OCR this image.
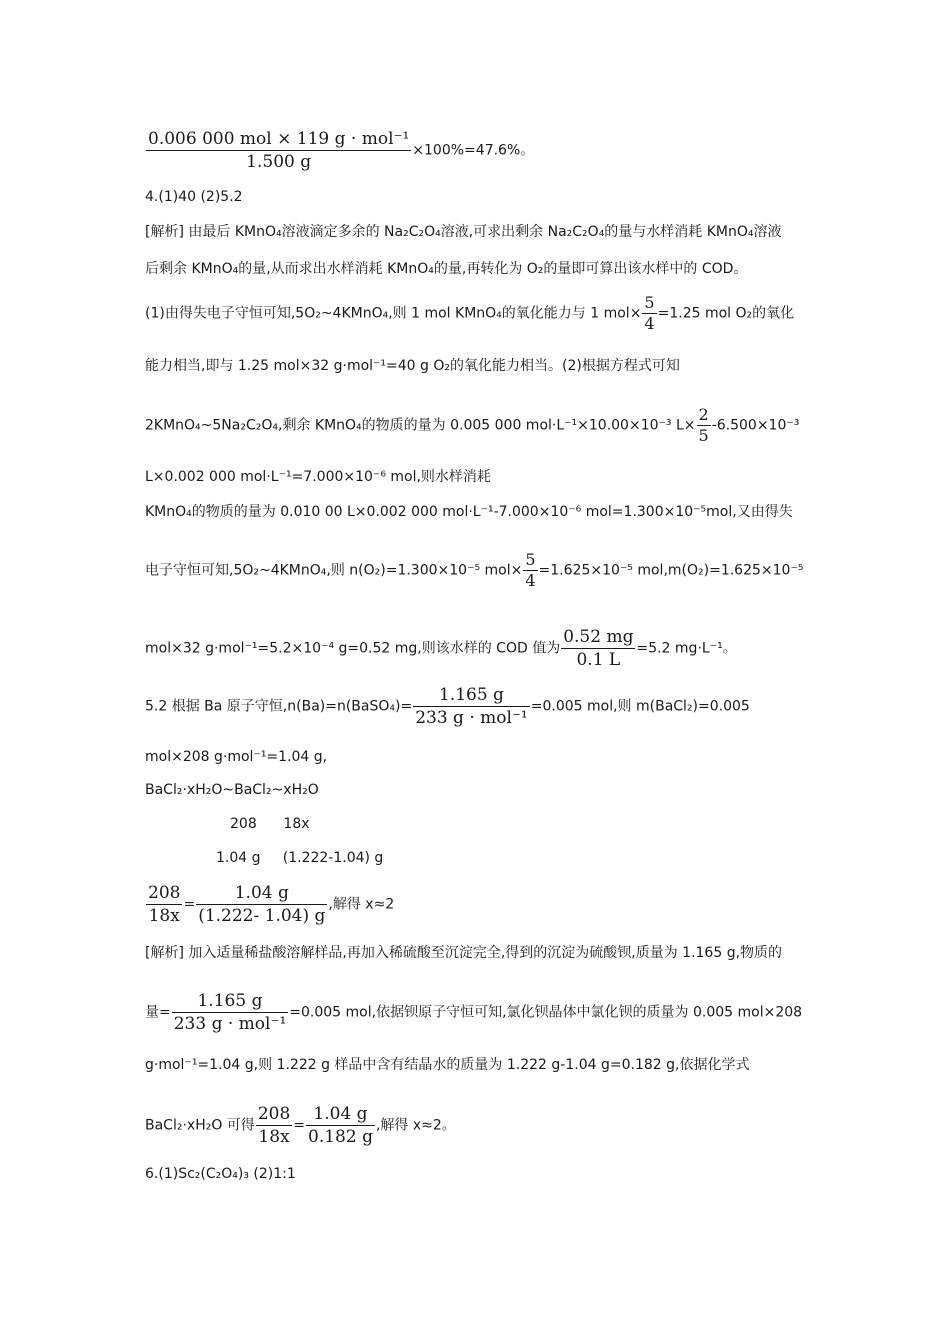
$\frac{\text{0.006 000 mol × 119 g · mol⁻¹}}{1.500 g} \times 100\%=47.6\%$。
4.(1)40 (2)5.2
[解析] 由最后 KMnO₄溶液滴定多余的 Na₂C₂O₄溶液,可求出剩余 Na₂C₂O₄的量与水样消耗 KMnO₄溶液
后剩余 KMnO₄的量,从而求出水样消耗 KMnO₄的量,再转化为 O₂的量即可算出该水样中的 COD。
(1)由得失电子守恒可知,5O₂~4KMnO₄,则 1 mol KMnO₄的氧化能力与 1 $mol\times \frac{5}{4} =1.25$ mol O₂的氧化
能力相当,即与 1.25 mol×32 g·mol⁻¹=40 g O₂的氧化能力相当。(2)根据方程式可知
2KMnO₄~5Na₂C₂O₄,剩余 KMnO₄的物质的量为 0.005 000 mol·L⁻¹×10.00×10⁻³ $L\times \frac{2}{5} -6.500\times 10^{-3}$
L×0.002 000 mol·L⁻¹=7.000×10⁻⁶ mol,则水样消耗
KMnO₄的物质的量为 0.010 00 L×0.002 000 mol·L⁻¹-7.000×10⁻⁶ mol=1.300×10⁻⁵mol,又由得失
电子守恒可知,5O₂~4KMnO₄,则 n(O₂)=1.300×10⁻⁵ $mol\times \frac{5}{4} =1.625\times 10^{-5}$ mol,m(O₂)=1.625×10⁻⁵
mol×32 g·mol⁻¹=5.2×10⁻⁴ g=0.52 mg,则该水样的 COD 值为 $\frac{0.52 mg}{0.1 L} =5.2$ mg·L⁻¹。
5.2 根据 Ba 原子守恒,n(Ba)=n(BaSO₄)= $\frac{1.165 g}{\text{233 g · mol⁻¹}} =0.005$ mol,则 m(BaCl₂)=0.005
mol×208 g·mol⁻¹=1.04 g,
BaCl₂·xH₂O~BaCl₂~xH₂O
208      18x
1.04 g     (1.222-1.04) g
$\frac{208}{18x} = \frac{1.04 g}{(1.222- 1.04) g}$ ,解得 x≈2
[解析] 加入适量稀盐酸溶解样品,再加入稀硫酸至沉淀完全,得到的沉淀为硫酸钡,质量为 1.165 g,物质的
量= $\frac{1.165 g}{\text{233 g · mol⁻¹}} =0.005$ mol,依据钡原子守恒可知,氯化钡晶体中氯化钡的质量为 0.005 mol×208
g·mol⁻¹=1.04 g,则 1.222 g 样品中含有结晶水的质量为 1.222 g-1.04 g=0.182 g,依据化学式
BaCl₂·xH₂O 可得 $\frac{208}{18x} = \frac{1.04 g}{0.182 g}$ ,解得 x≈2。
6.(1)Sc₂(C₂O₄)₃ (2)1:1
